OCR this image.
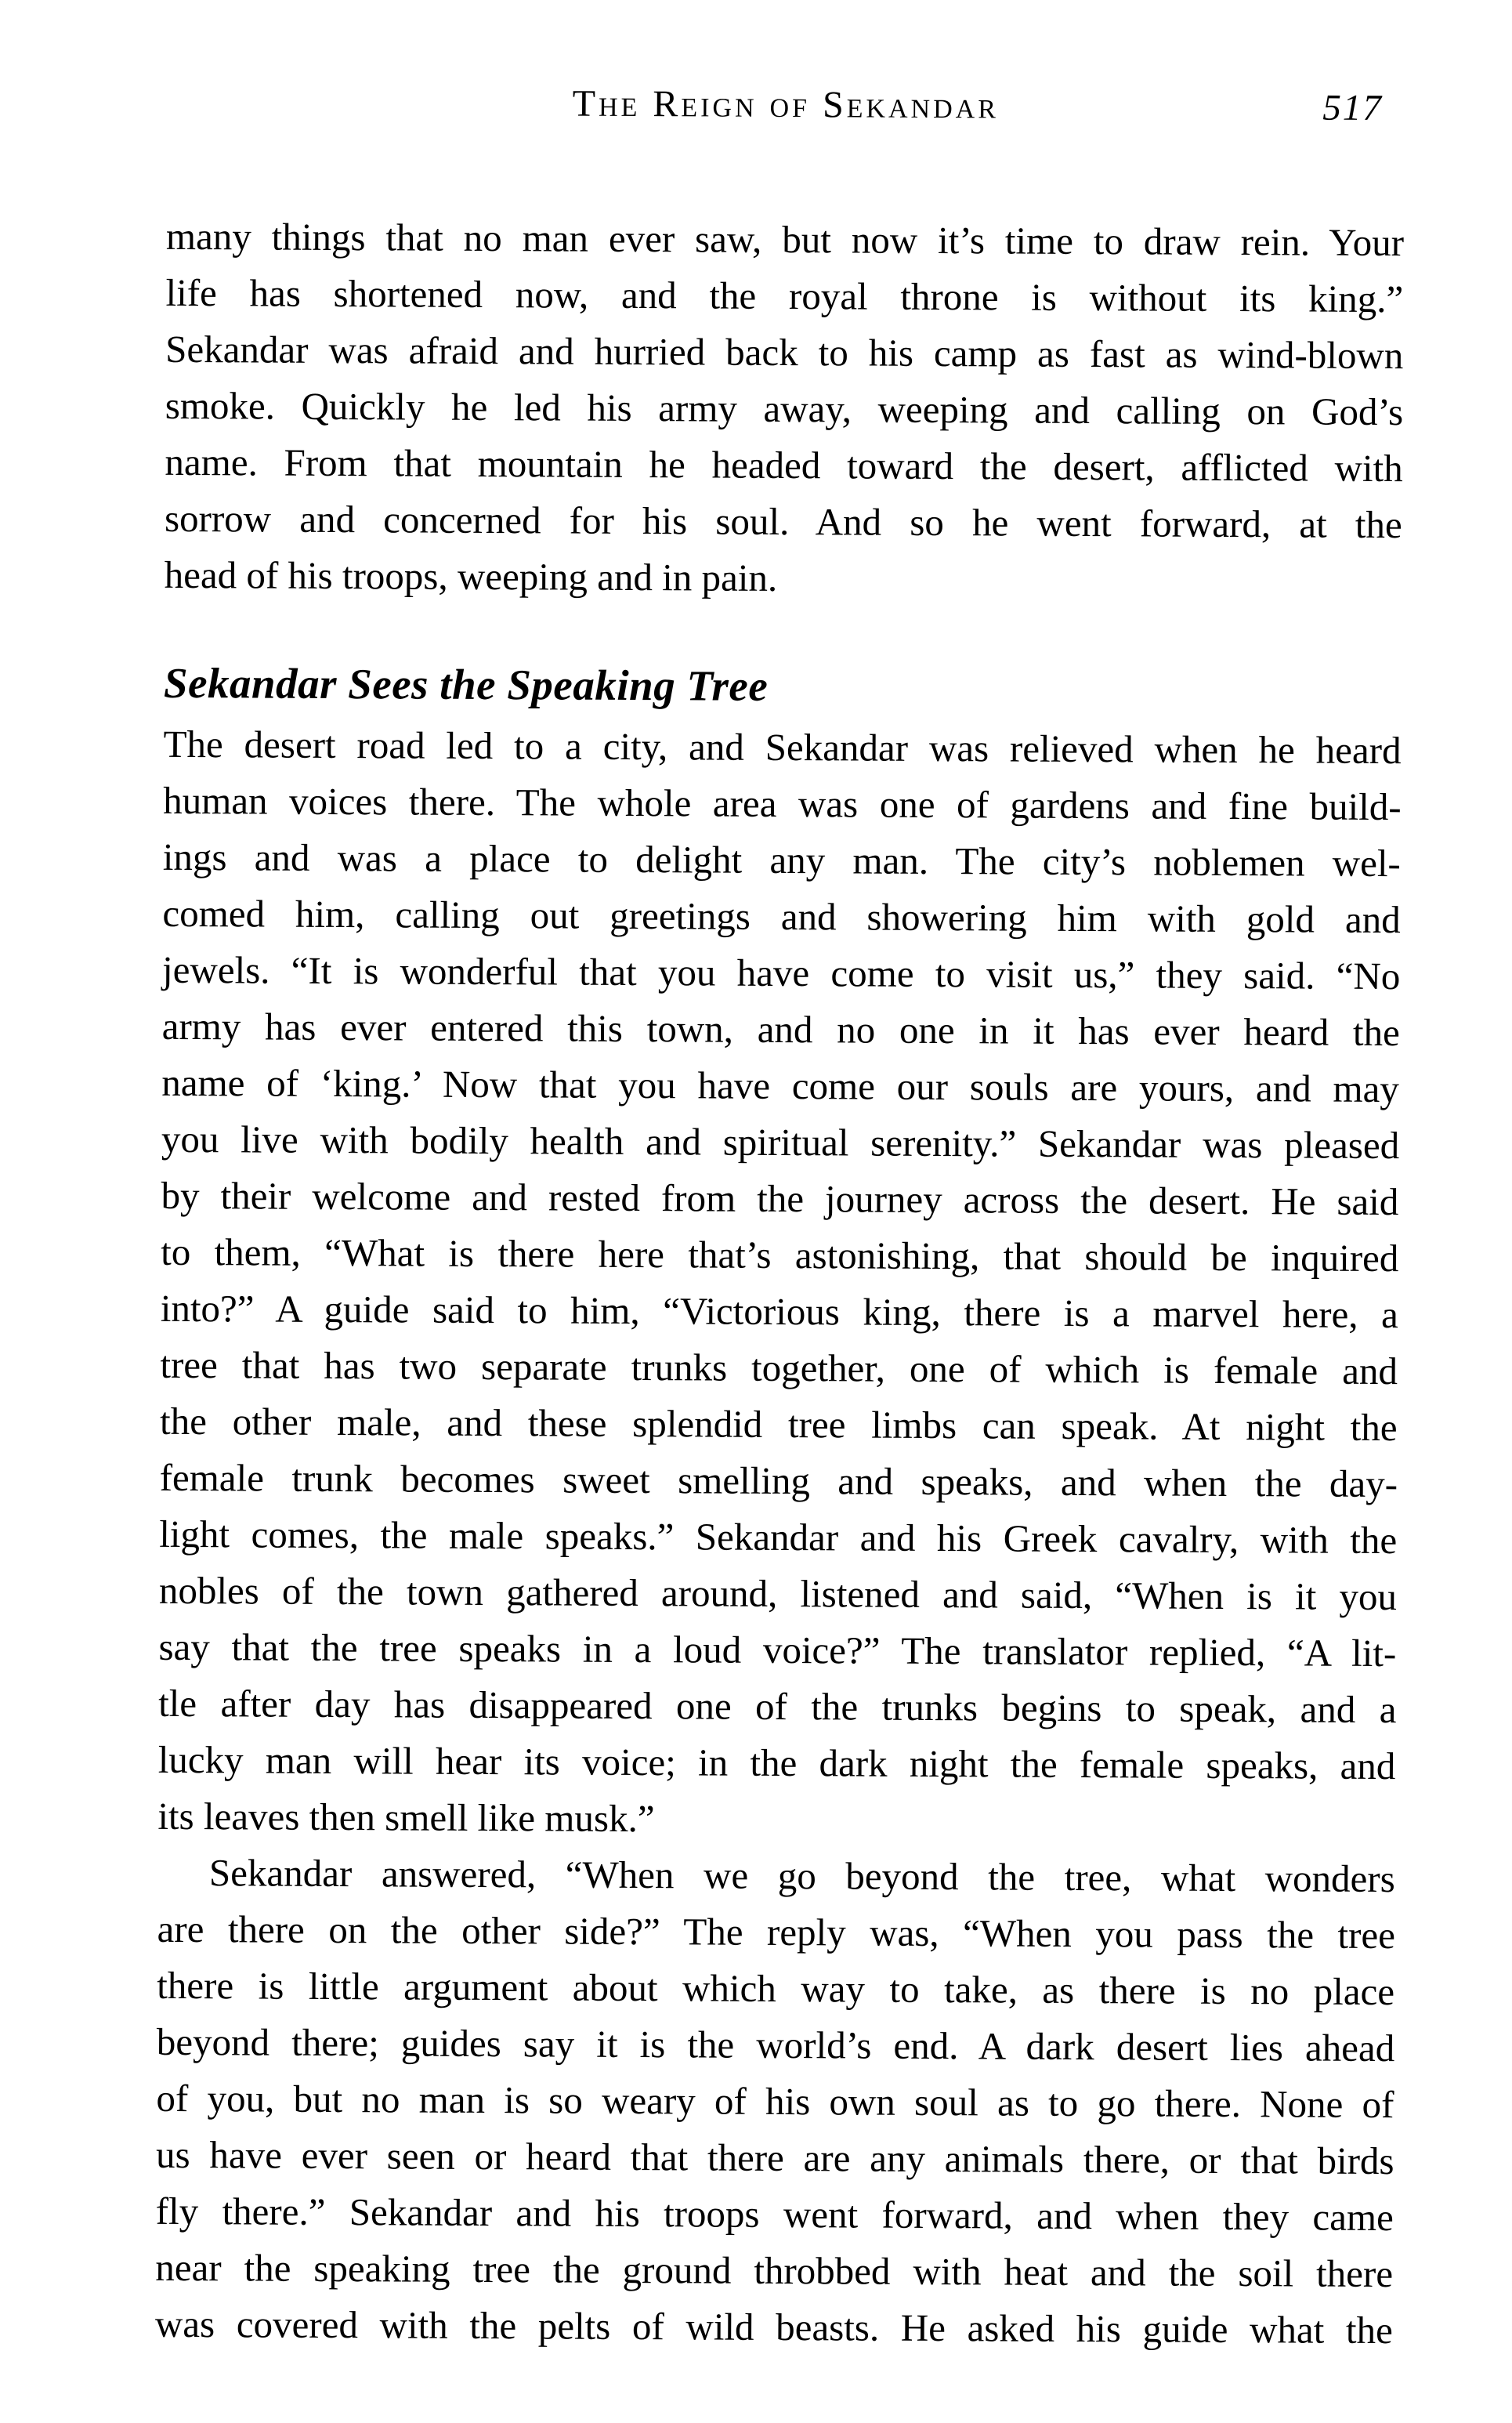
The Reign of Sekandar	517
many things that no man ever saw, but now it’s time to draw rein. Your
life has shortened now, and the royal throne is without its king.”
Sekandar was afraid and hurried back to his camp as fast as wind-blown
smoke. Quickly he led his army away, weeping and calling on God’s
name. From that mountain he headed toward the desert, afflicted with
sorrow and concerned for his soul. And so he went forward, at the
head of his troops, weeping and in pain.
Sekandar Sees the Speaking Tree
The desert road led to a city, and Sekandar was relieved when he heard
human voices there. The whole area was one of gardens and fine build-
ings and was a place to delight any man. The city’s noblemen wel-
comed him, calling out greetings and showering him with gold and
jewels. “It is wonderful that you have come to visit us,” they said. “No
army has ever entered this town, and no one in it has ever heard the
name of ‘king.’ Now that you have come our souls are yours, and may
you live with bodily health and spiritual serenity.” Sekandar was pleased
by their welcome and rested from the journey across the desert. He said
to them, “What is there here that’s astonishing, that should be inquired
into?” A guide said to him, “Victorious king, there is a marvel here, a
tree that has two separate trunks together, one of which is female and
the other male, and these splendid tree limbs can speak. At night the
female trunk becomes sweet smelling and speaks, and when the day-
light comes, the male speaks.” Sekandar and his Greek cavalry, with the
nobles of the town gathered around, listened and said, “When is it you
say that the tree speaks in a loud voice?” The translator replied, “A lit-
tle after day has disappeared one of the trunks begins to speak, and a
lucky man will hear its voice; in the dark night the female speaks, and
its leaves then smell like musk.”
Sekandar answered, “When we go beyond the tree, what wonders
are there on the other side?” The reply was, “When you pass the tree
there is little argument about which way to take, as there is no place
beyond there; guides say it is the world’s end. A dark desert lies ahead
of you, but no man is so weary of his own soul as to go there. None of
us have ever seen or heard that there are any animals there, or that birds
fly there.” Sekandar and his troops went forward, and when they came
near the speaking tree the ground throbbed with heat and the soil there
was covered with the pelts of wild beasts. He asked his guide what the
